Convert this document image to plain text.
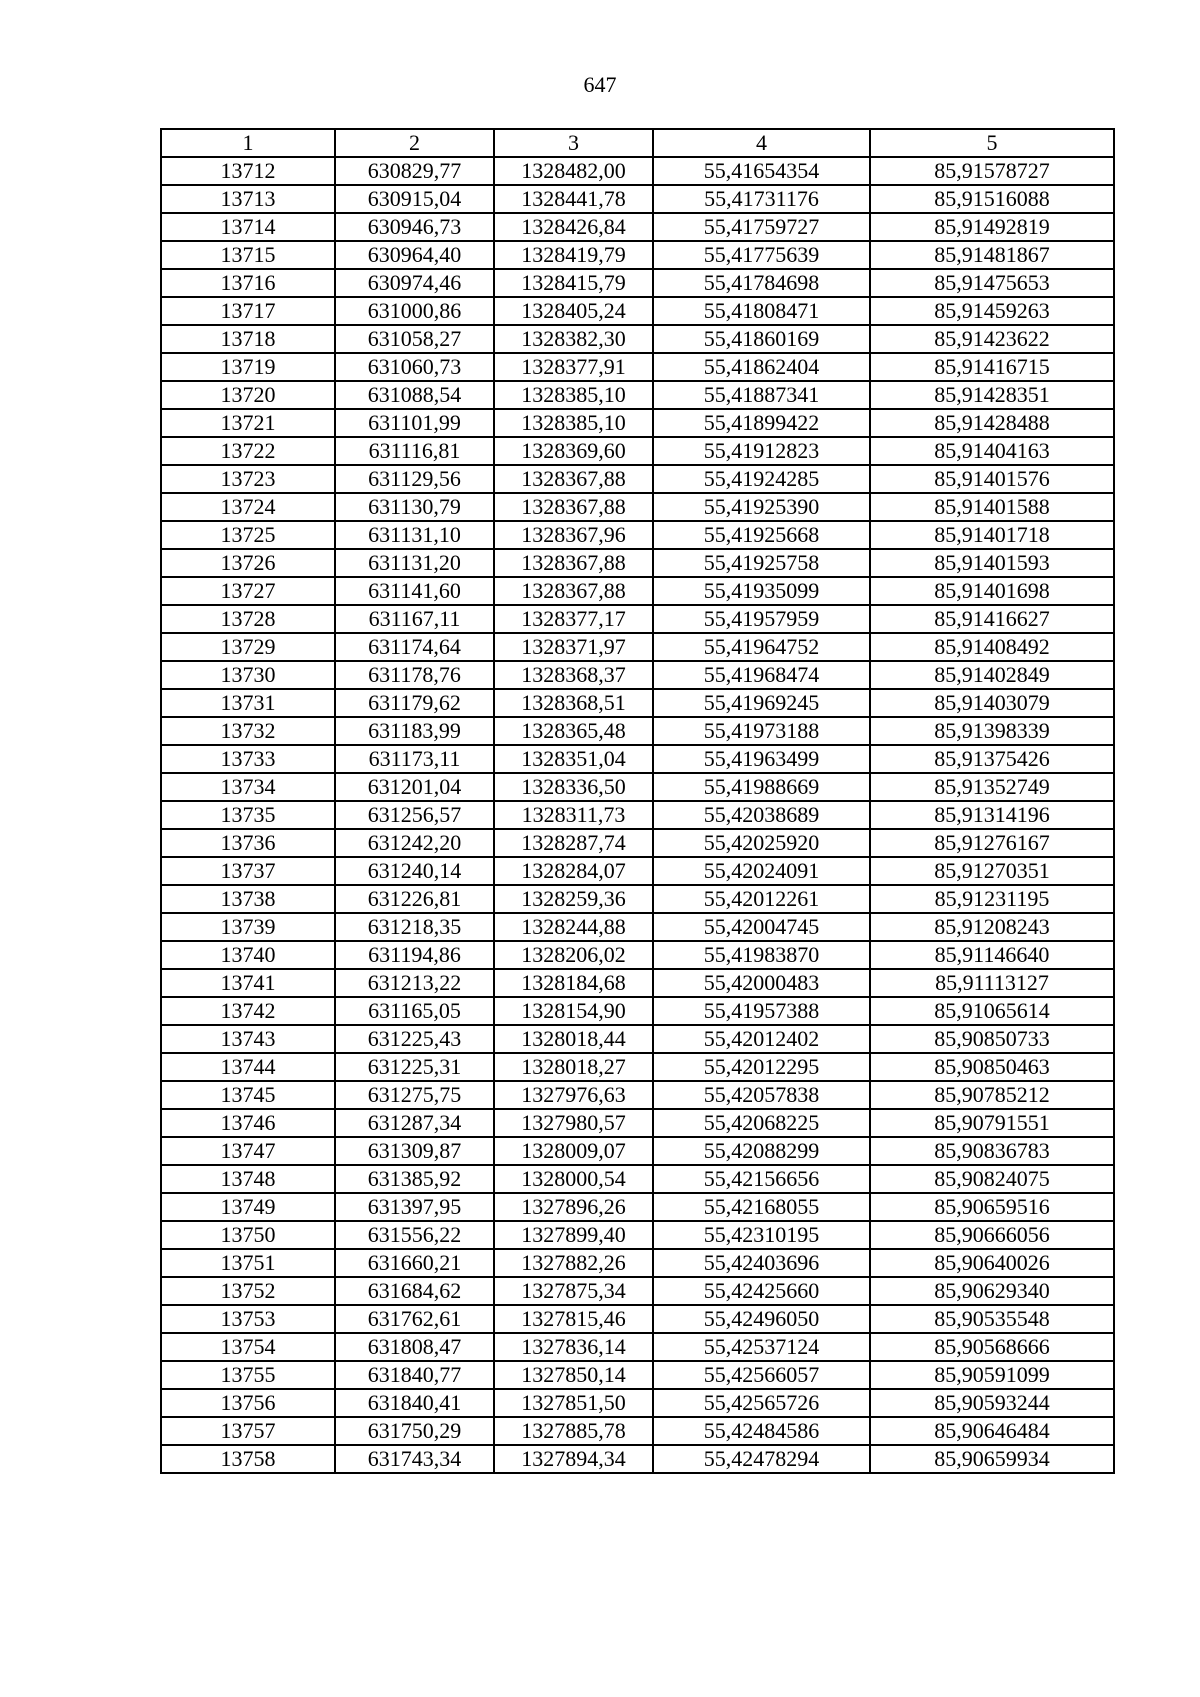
647
1	2	3	4	5
13712	630829,77	1328482,00	55,41654354	85,91578727
13713	630915,04	1328441,78	55,41731176	85,91516088
13714	630946,73	1328426,84	55,41759727	85,91492819
13715	630964,40	1328419,79	55,41775639	85,91481867
13716	630974,46	1328415,79	55,41784698	85,91475653
13717	631000,86	1328405,24	55,41808471	85,91459263
13718	631058,27	1328382,30	55,41860169	85,91423622
13719	631060,73	1328377,91	55,41862404	85,91416715
13720	631088,54	1328385,10	55,41887341	85,91428351
13721	631101,99	1328385,10	55,41899422	85,91428488
13722	631116,81	1328369,60	55,41912823	85,91404163
13723	631129,56	1328367,88	55,41924285	85,91401576
13724	631130,79	1328367,88	55,41925390	85,91401588
13725	631131,10	1328367,96	55,41925668	85,91401718
13726	631131,20	1328367,88	55,41925758	85,91401593
13727	631141,60	1328367,88	55,41935099	85,91401698
13728	631167,11	1328377,17	55,41957959	85,91416627
13729	631174,64	1328371,97	55,41964752	85,91408492
13730	631178,76	1328368,37	55,41968474	85,91402849
13731	631179,62	1328368,51	55,41969245	85,91403079
13732	631183,99	1328365,48	55,41973188	85,91398339
13733	631173,11	1328351,04	55,41963499	85,91375426
13734	631201,04	1328336,50	55,41988669	85,91352749
13735	631256,57	1328311,73	55,42038689	85,91314196
13736	631242,20	1328287,74	55,42025920	85,91276167
13737	631240,14	1328284,07	55,42024091	85,91270351
13738	631226,81	1328259,36	55,42012261	85,91231195
13739	631218,35	1328244,88	55,42004745	85,91208243
13740	631194,86	1328206,02	55,41983870	85,91146640
13741	631213,22	1328184,68	55,42000483	85,91113127
13742	631165,05	1328154,90	55,41957388	85,91065614
13743	631225,43	1328018,44	55,42012402	85,90850733
13744	631225,31	1328018,27	55,42012295	85,90850463
13745	631275,75	1327976,63	55,42057838	85,90785212
13746	631287,34	1327980,57	55,42068225	85,90791551
13747	631309,87	1328009,07	55,42088299	85,90836783
13748	631385,92	1328000,54	55,42156656	85,90824075
13749	631397,95	1327896,26	55,42168055	85,90659516
13750	631556,22	1327899,40	55,42310195	85,90666056
13751	631660,21	1327882,26	55,42403696	85,90640026
13752	631684,62	1327875,34	55,42425660	85,90629340
13753	631762,61	1327815,46	55,42496050	85,90535548
13754	631808,47	1327836,14	55,42537124	85,90568666
13755	631840,77	1327850,14	55,42566057	85,90591099
13756	631840,41	1327851,50	55,42565726	85,90593244
13757	631750,29	1327885,78	55,42484586	85,90646484
13758	631743,34	1327894,34	55,42478294	85,90659934
